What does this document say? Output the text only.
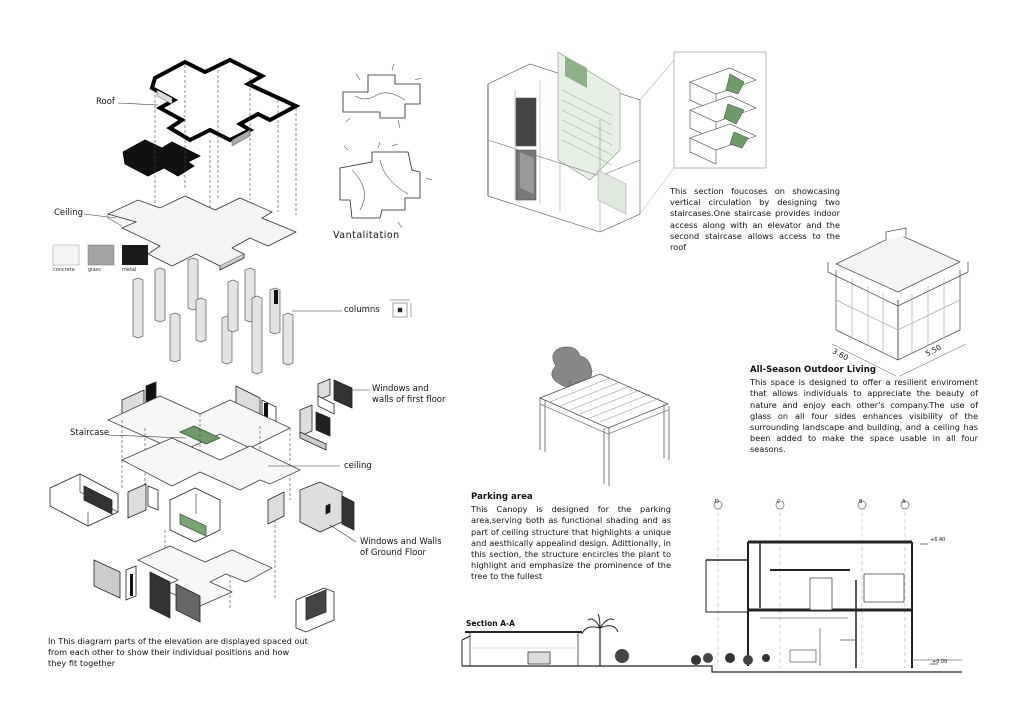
Roof
Ceiling
columns
Windows and walls of first floor
Staircase
ceiling
Windows and Walls of Ground Floor
Vantalitation
concrete	glass	metal
In This diagram parts of the elevation are displayed spaced out from each other to show their individual positions and how they fit together
This section foucoses on showcasing vertical circulation by designing two staircases.One staircase provides indoor access along with an elevator and the second staircase allows access to the roof
3.60	5.50
All-Season Outdoor Living
This space is designed to offer a resilient enviroment that allows individuals to appreciate the beauty of nature and enjoy each other's company.The use of glass on all four sides enhances visibility of the surrounding landscape and building, and a ceiling has been added to make the space usable in all four seasons.
Parking area
This Canopy is designed for the parking area,serving both as functional shading and as part of ceiling structure that highlights a unique and aesthically appealind design. Adittionally, in this section, the structure encircles the plant to highlight and emphasize the prominence of the tree to the fullest
Section A-A
D	C	B	A
+6.40
+0.00
